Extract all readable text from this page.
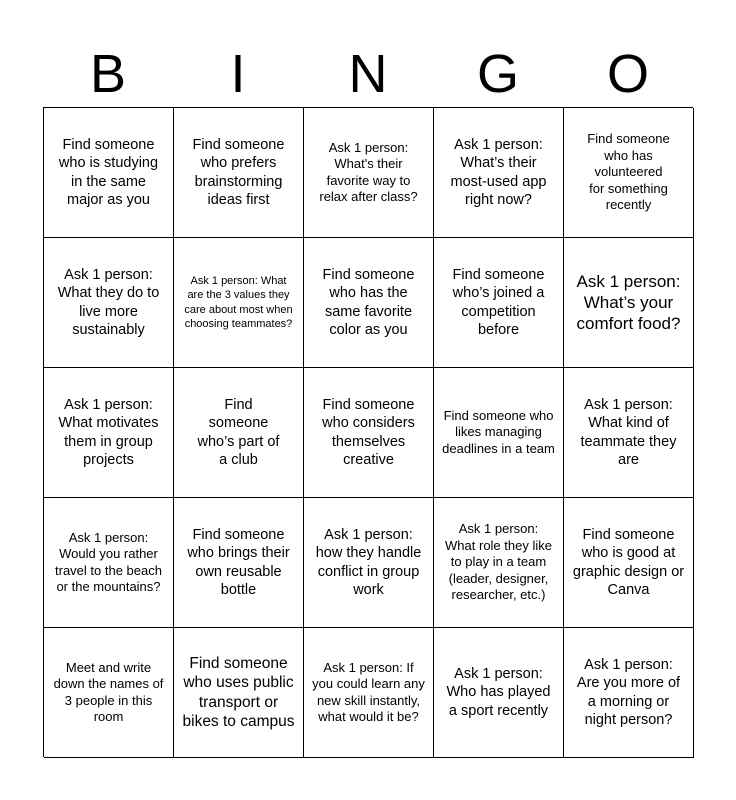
B	I	N	G	O
Find someone who is studying in the same major as you
Find someone who prefers brainstorming ideas first
Ask 1 person: What's their favorite way to relax after class?
Ask 1 person: What’s their most-used app right now?
Find someone who has volunteered for something recently
Ask 1 person: What they do to live more sustainably
Ask 1 person: What are the 3 values they care about most when choosing teammates?
Find someone who has the same favorite color as you
Find someone who’s joined a competition before
Ask 1 person: What’s your comfort food?
Ask 1 person: What motivates them in group projects
Find someone who’s part of a club
Find someone who considers themselves creative
Find someone who likes managing deadlines in a team
Ask 1 person: What kind of teammate they are
Ask 1 person: Would you rather travel to the beach or the mountains?
Find someone who brings their own reusable bottle
Ask 1 person: how they handle conflict in group work
Ask 1 person: What role they like to play in a team (leader, designer, researcher, etc.)
Find someone who is good at graphic design or Canva
Meet and write down the names of 3 people in this room
Find someone who uses public transport or bikes to campus
Ask 1 person: If you could learn any new skill instantly, what would it be?
Ask 1 person: Who has played a sport recently
Ask 1 person: Are you more of a morning or night person?
